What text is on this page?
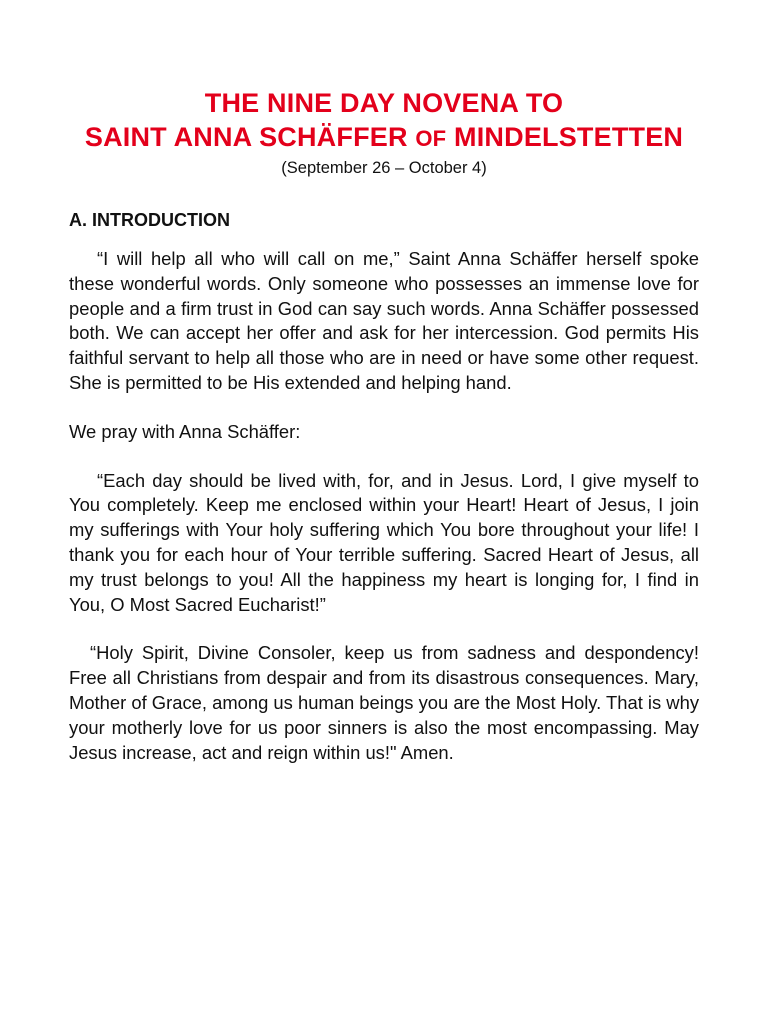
THE NINE DAY NOVENA TO
SAINT ANNA SCHÄFFER OF MINDELSTETTEN
(September 26 – October 4)
A. INTRODUCTION

“I will help all who will call on me,” Saint Anna Schäffer herself spoke these wonderful words. Only someone who possesses an immense love for people and a firm trust in God can say such words. Anna Schäffer possessed both. We can accept her offer and ask for her intercession. God permits His faithful servant to help all those who are in need or have some other request. She is permitted to be His extended and helping hand.

We pray with Anna Schäffer:

“Each day should be lived with, for, and in Jesus. Lord, I give myself to You completely. Keep me enclosed within your Heart! Heart of Jesus, I join my sufferings with Your holy suffering which You bore throughout your life! I thank you for each hour of Your terrible suffering. Sacred Heart of Jesus, all my trust belongs to you! All the happiness my heart is longing for, I find in You, O Most Sacred Eucharist!”

“Holy Spirit, Divine Consoler, keep us from sadness and despondency! Free all Christians from despair and from its disastrous consequences. Mary, Mother of Grace, among us human beings you are the Most Holy. That is why your motherly love for us poor sinners is also the most encompassing. May Jesus increase, act and reign within us!" Amen.
